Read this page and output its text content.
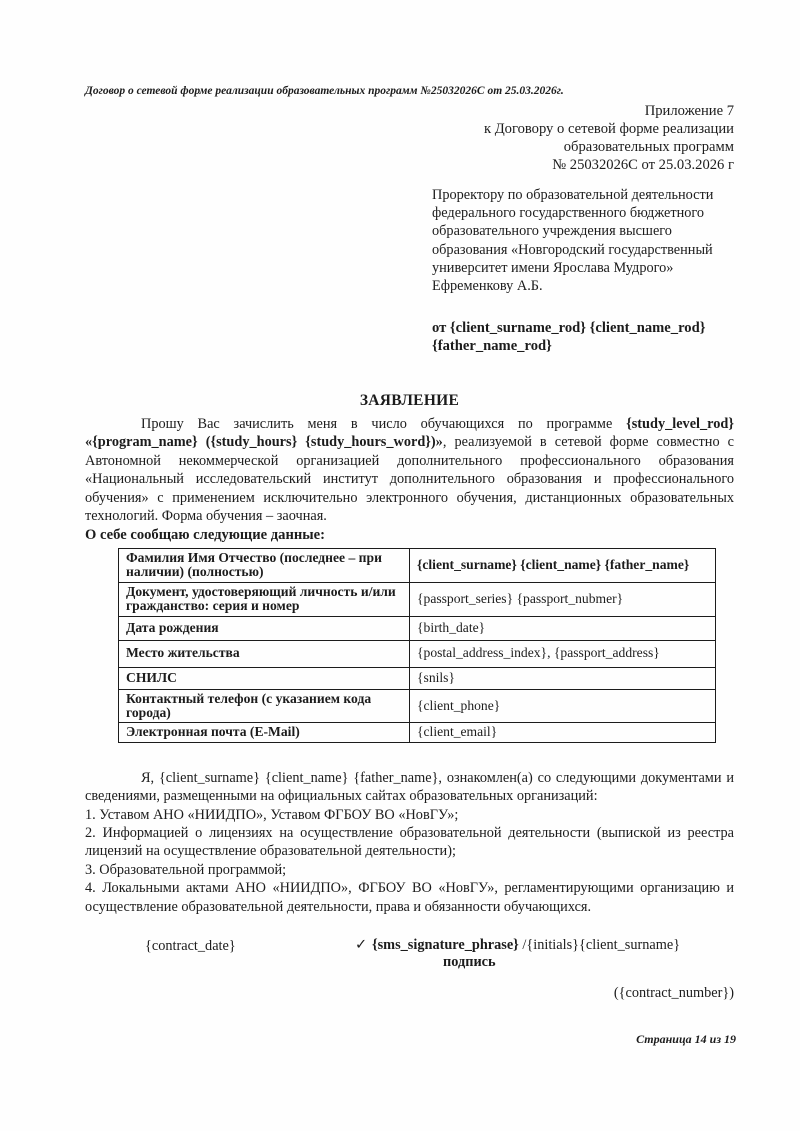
Договор о сетевой форме реализации образовательных программ №25032026С от 25.03.2026г.
Приложение 7
к Договору о сетевой форме реализации
образовательных программ
№ 25032026С от 25.03.2026 г
Проректору по образовательной деятельности федерального государственного бюджетного образовательного учреждения высшего образования «Новгородский государственный университет имени Ярослава Мудрого» Ефременкову А.Б.
от {client_surname_rod} {client_name_rod} {father_name_rod}
ЗАЯВЛЕНИЕ

Прошу Вас зачислить меня в число обучающихся по программе {study_level_rod} «{program_name} ({study_hours} {study_hours_word})», реализуемой в сетевой форме совместно с Автономной некоммерческой организацией дополнительного профессионального образования «Национальный исследовательский институт дополнительного образования и профессионального обучения» с применением исключительно электронного обучения, дистанционных образовательных технологий. Форма обучения – заочная.

О себе сообщаю следующие данные:
Фамилия Имя Отчество (последнее – при наличии) (полностью)	{client_surname} {client_name} {father_name}
Документ, удостоверяющий личность и/или гражданство: серия и номер	{passport_series} {passport_nubmer}
Дата рождения	{birth_date}
Место жительства	{postal_address_index}, {passport_address}
СНИЛС	{snils}
Контактный телефон (с указанием кода города)	{client_phone}
Электронная почта (E-Mail)	{client_email}
Я, {client_surname} {client_name} {father_name}, ознакомлен(а) со следующими документами и сведениями, размещенными на официальных сайтах образовательных организаций:
1. Уставом АНО «НИИДПО», Уставом ФГБОУ ВО «НовГУ»;
2. Информацией о лицензиях на осуществление образовательной деятельности (выпиской из реестра лицензий на осуществление образовательной деятельности);
3. Образовательной программой;
4. Локальными актами АНО «НИИДПО», ФГБОУ ВО «НовГУ», регламентирующими организацию и осуществление образовательной деятельности, права и обязанности обучающихся.
{contract_date}	✓ {sms_signature_phrase} /{initials}{client_surname}
подпись
({contract_number})
Страница 14 из 19
